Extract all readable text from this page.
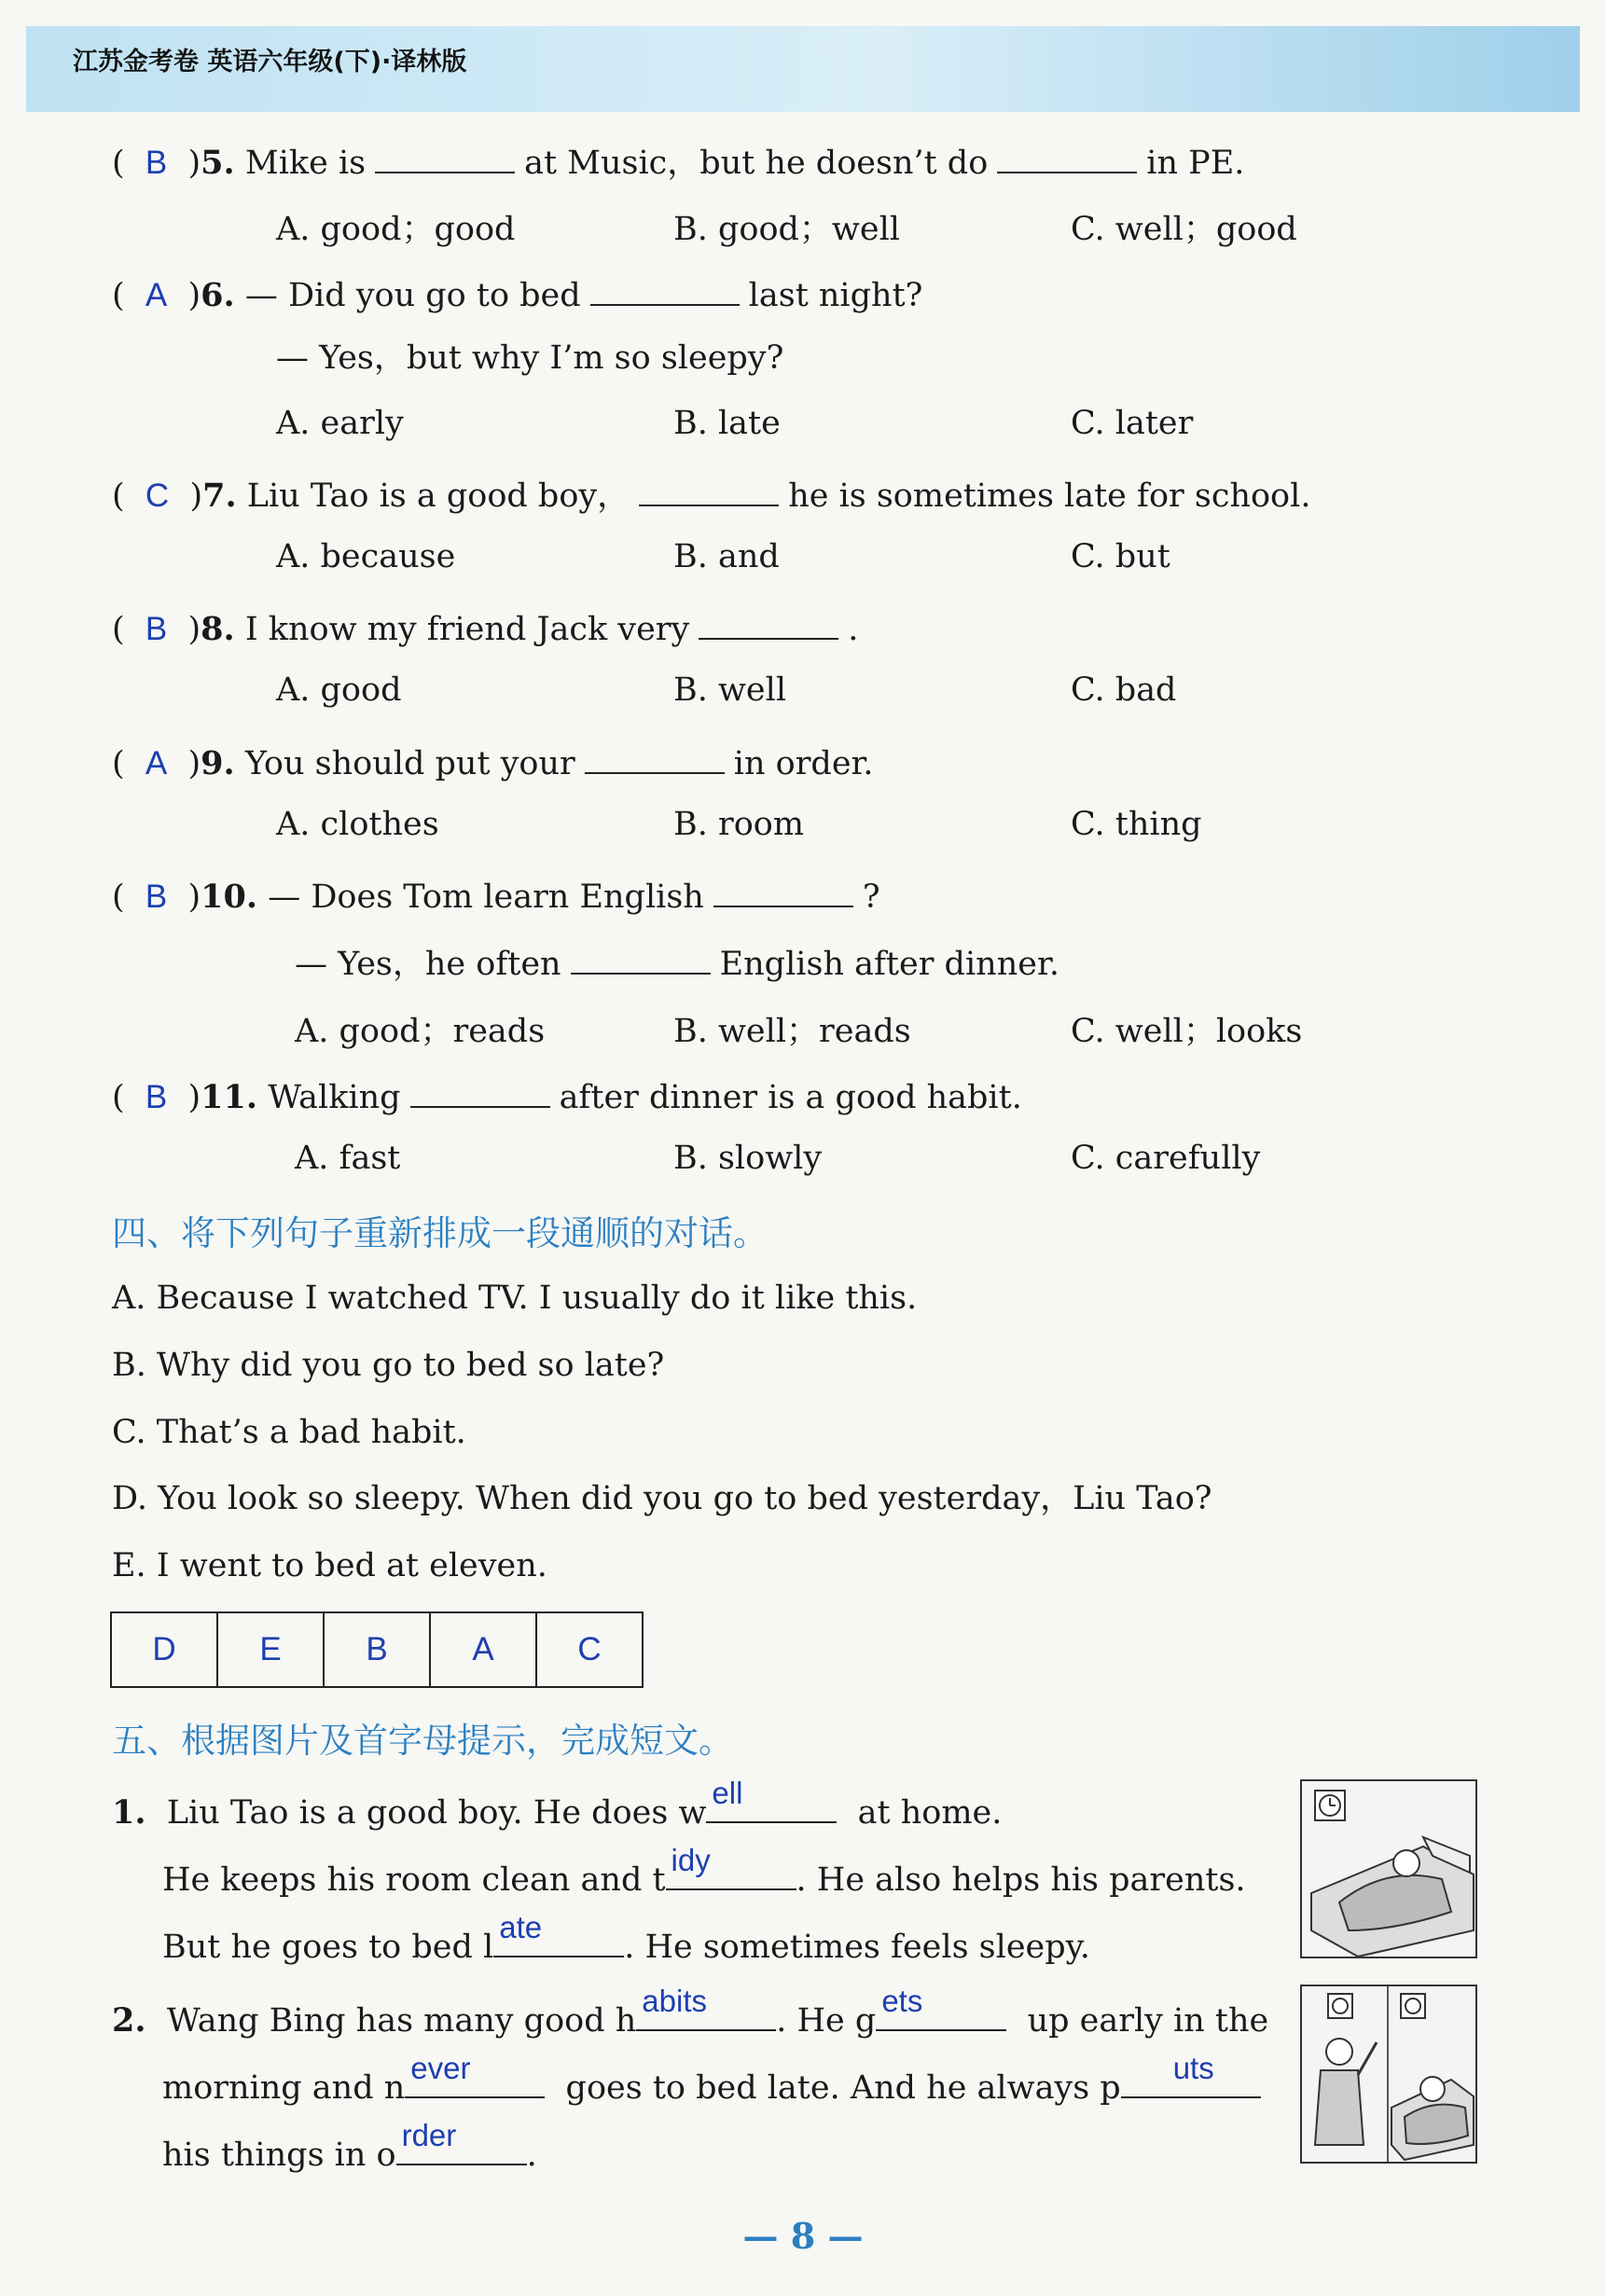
江苏金考卷 英语六年级(下)·译林版
(  B  )5. Mike is	at Music，but he doesn’t do	in PE.
A. good；good	B. good；well	C. well；good
(  A  )6. — Did you go to bed	last night?
— Yes，but why I’m so sleepy?
A. early	B. late	C. later
(  C  )7. Liu Tao is a good boy，	he is sometimes late for school.
A. because	B. and	C. but
(  B  )8. I know my friend Jack very	.
A. good	B. well	C. bad
(  A  )9. You should put your	in order.
A. clothes	B. room	C. thing
(  B  )10. — Does Tom learn English	?
— Yes，he often	English after dinner.
A. good；reads	B. well；reads	C. well；looks
(  B  )11. Walking	after dinner is a good habit.
A. fast	B. slowly	C. carefully
四、将下列句子重新排成一段通顺的对话。
A. Because I watched TV. I usually do it like this.
B. Why did you go to bed so late?
C. That’s a bad habit.
D. You look so sleepy. When did you go to bed yesterday，Liu Tao?
E. I went to bed at eleven.
D	E	B	A	C
五、根据图片及首字母提示，完成短文。
1. Liu Tao is a good boy. He does w
ell
at home.
He keeps his room clean and t
idy
. He also helps his parents.
But he goes to bed l
ate
. He sometimes feels sleepy.
2. Wang Bing has many good h
abits
. He g
ets
up early in the
morning and n
ever
goes to bed late. And he always p
uts
his things in o
rder
.
— 8 —
